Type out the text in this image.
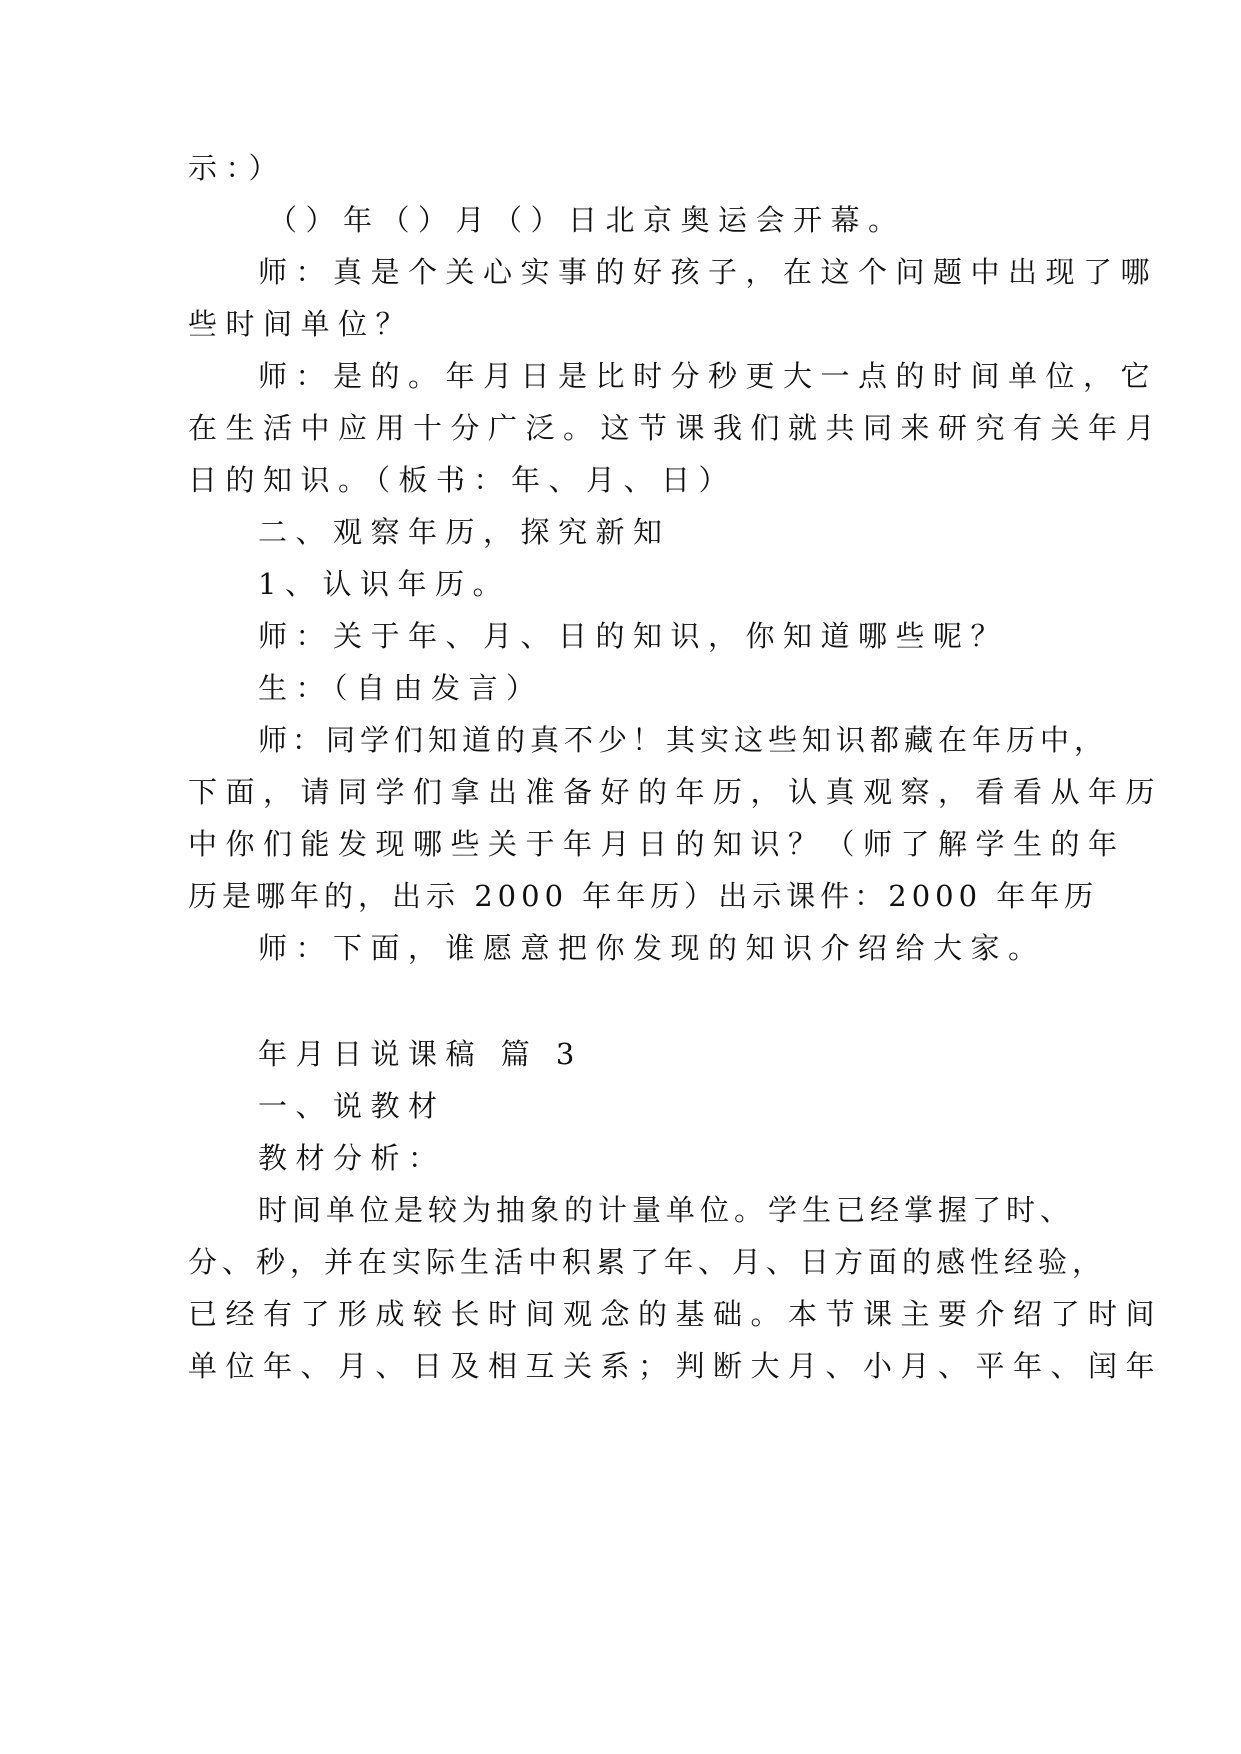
示：）
（）年（）月（）日北京奥运会开幕。
师：真是个关心实事的好孩子，在这个问题中出现了哪
些时间单位？
师：是的。年月日是比时分秒更大一点的时间单位，它
在生活中应用十分广泛。这节课我们就共同来研究有关年月
日的知识。（板书：年、月、日）
二、观察年历，探究新知
1、认识年历。
师：关于年、月、日的知识，你知道哪些呢？
生：（自由发言）
师：同学们知道的真不少！其实这些知识都藏在年历中，
下面，请同学们拿出准备好的年历，认真观察，看看从年历
中你们能发现哪些关于年月日的知识？（师了解学生的年
历是哪年的，出示 2000 年年历）出示课件：2000 年年历
师：下面，谁愿意把你发现的知识介绍给大家。
年月日说课稿 篇 3
一、说教材
教材分析：
时间单位是较为抽象的计量单位。学生已经掌握了时、
分、秒，并在实际生活中积累了年、月、日方面的感性经验，
已经有了形成较长时间观念的基础。本节课主要介绍了时间
单位年、月、日及相互关系；判断大月、小月、平年、闰年
